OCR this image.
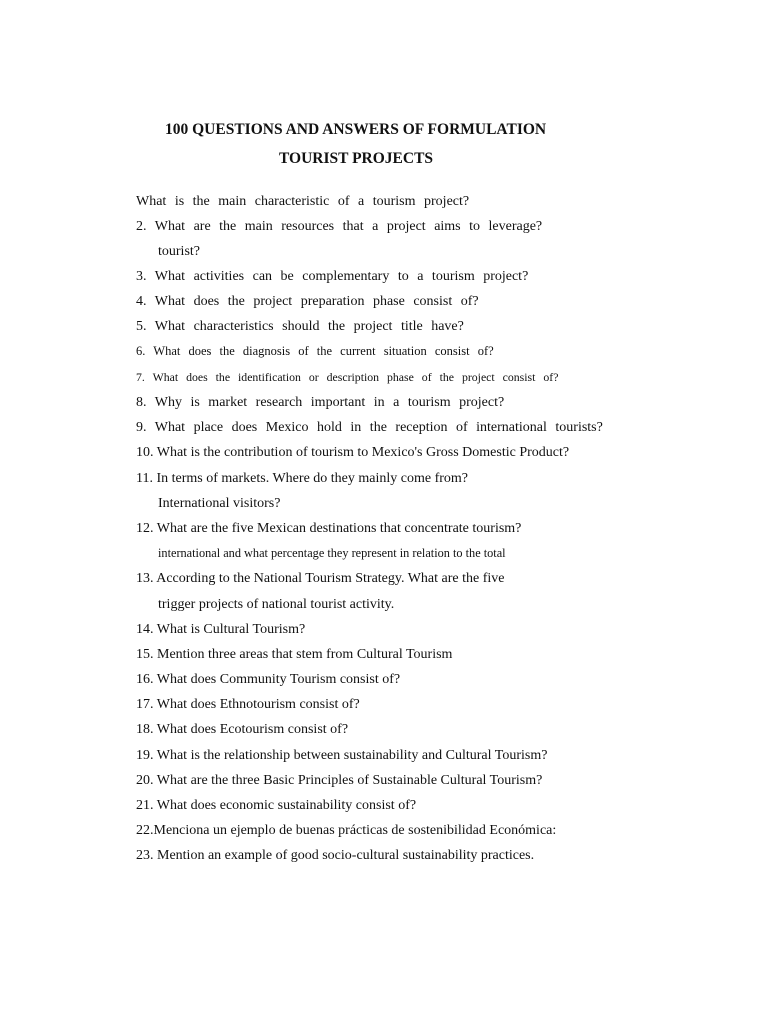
100 QUESTIONS AND ANSWERS OF FORMULATION
TOURIST PROJECTS
What is the main characteristic of a tourism project?
2. What are the main resources that a project aims to leverage?
tourist?
3. What activities can be complementary to a tourism project?
4. What does the project preparation phase consist of?
5. What characteristics should the project title have?
6. What does the diagnosis of the current situation consist of?
7. What does the identification or description phase of the project consist of?
8. Why is market research important in a tourism project?
9. What place does Mexico hold in the reception of international tourists?
10. What is the contribution of tourism to Mexico's Gross Domestic Product?
11. In terms of markets. Where do they mainly come from?
International visitors?
12. What are the five Mexican destinations that concentrate tourism?
international and what percentage they represent in relation to the total
13. According to the National Tourism Strategy. What are the five
trigger projects of national tourist activity.
14. What is Cultural Tourism?
15. Mention three areas that stem from Cultural Tourism
16. What does Community Tourism consist of?
17. What does Ethnotourism consist of?
18. What does Ecotourism consist of?
19. What is the relationship between sustainability and Cultural Tourism?
20. What are the three Basic Principles of Sustainable Cultural Tourism?
21. What does economic sustainability consist of?
22.Menciona un ejemplo de buenas prácticas de sostenibilidad Económica:
23. Mention an example of good socio-cultural sustainability practices.
